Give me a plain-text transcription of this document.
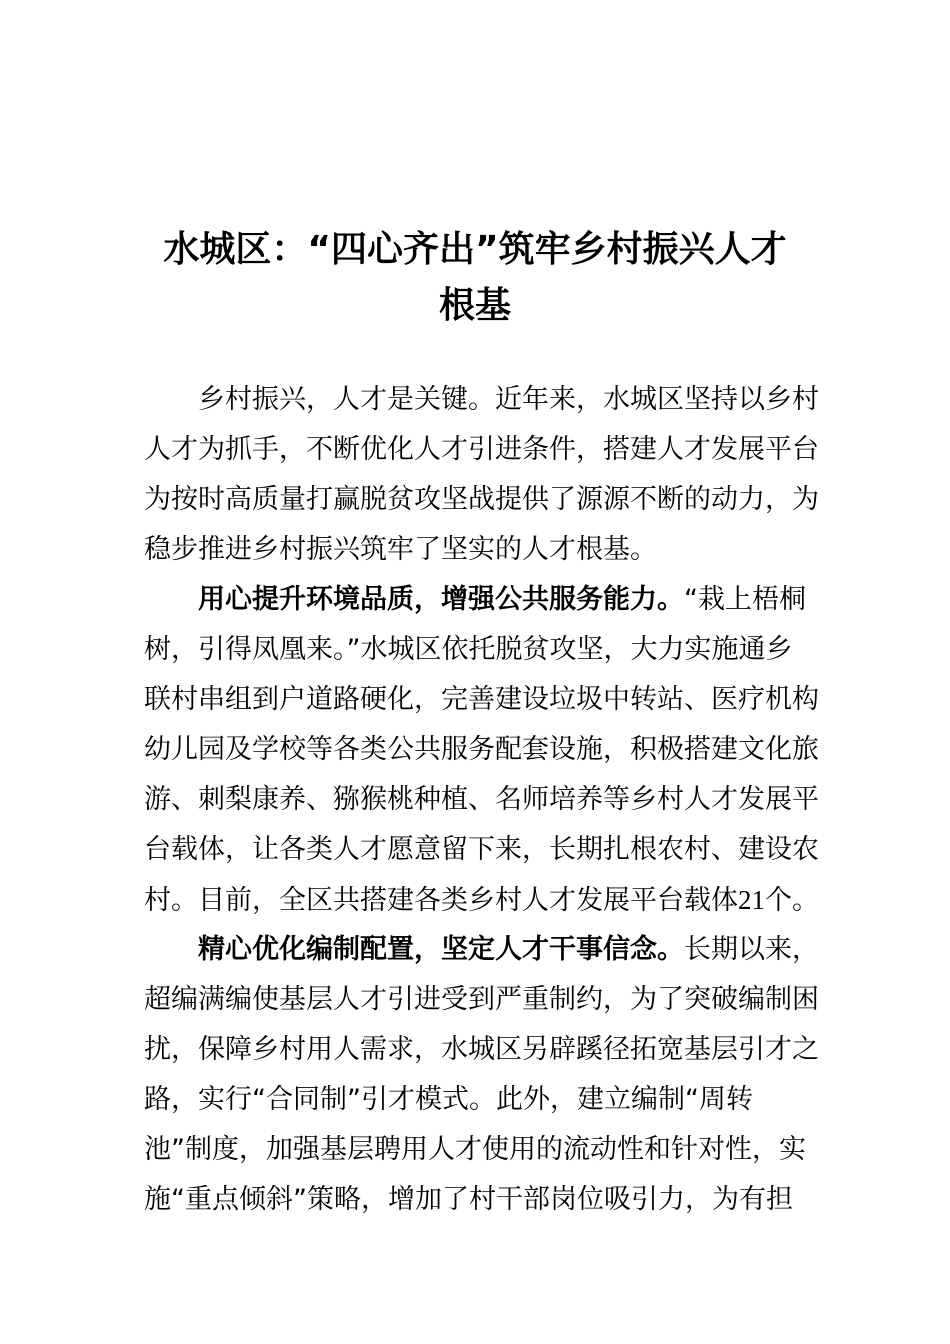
水城区：“四心齐出”筑牢乡村振兴人才
根基
乡村振兴，人才是关键。近年来，水城区坚持以乡村
人才为抓手，不断优化人才引进条件，搭建人才发展平台
为按时高质量打赢脱贫攻坚战提供了源源不断的动力，为
稳步推进乡村振兴筑牢了坚实的人才根基。
用心提升环境品质，增强公共服务能力。“栽上梧桐
树，引得凤凰来。”水城区依托脱贫攻坚，大力实施通乡
联村串组到户道路硬化，完善建设垃圾中转站、医疗机构
幼儿园及学校等各类公共服务配套设施，积极搭建文化旅
游、刺梨康养、猕猴桃种植、名师培养等乡村人才发展平
台载体，让各类人才愿意留下来，长期扎根农村、建设农
村。目前，全区共搭建各类乡村人才发展平台载体21个。
精心优化编制配置，坚定人才干事信念。长期以来，
超编满编使基层人才引进受到严重制约，为了突破编制困
扰，保障乡村用人需求，水城区另辟蹊径拓宽基层引才之
路，实行“合同制”引才模式。此外，建立编制“周转
池”制度，加强基层聘用人才使用的流动性和针对性，实
施“重点倾斜”策略，增加了村干部岗位吸引力，为有担
